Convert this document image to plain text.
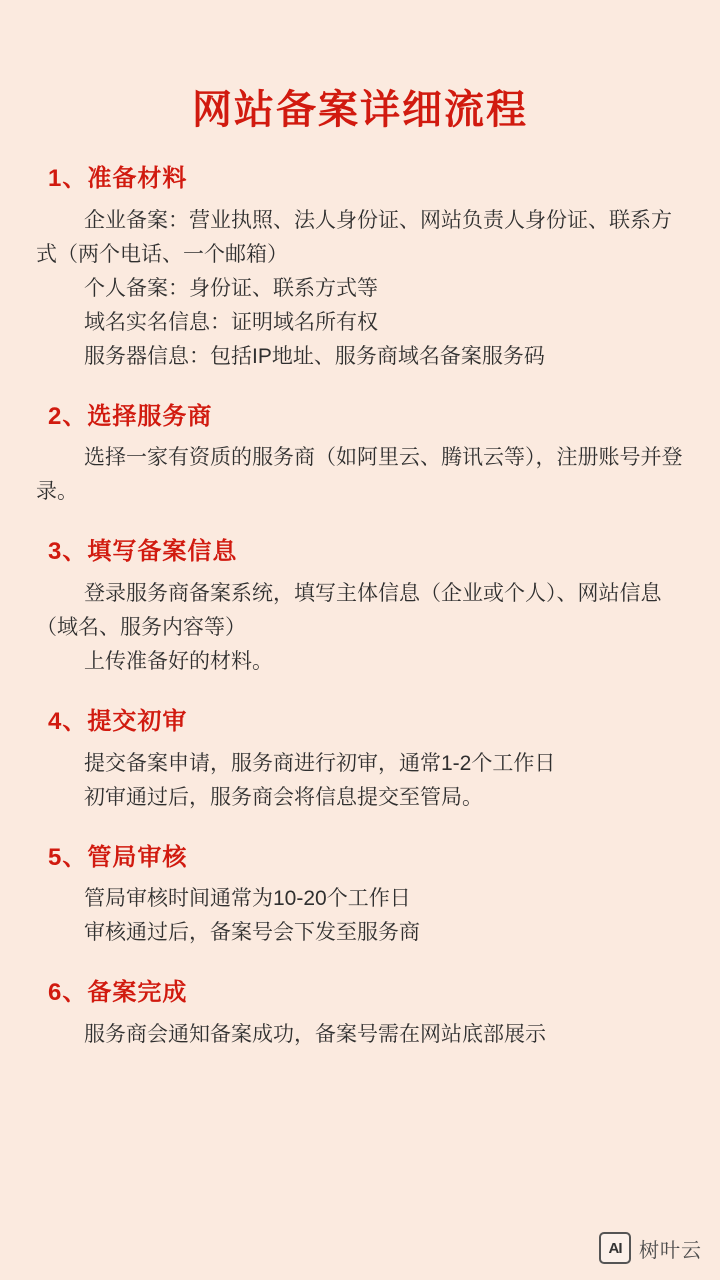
网站备案详细流程
1、准备材料

企业备案：营业执照、法人身份证、网站负责人身份证、联系方式（两个电话、一个邮箱）

个人备案：身份证、联系方式等

域名实名信息：证明域名所有权

服务器信息：包括IP地址、服务商域名备案服务码

2、选择服务商

选择一家有资质的服务商（如阿里云、腾讯云等），注册账号并登录。

3、填写备案信息

登录服务商备案系统，填写主体信息（企业或个人）、网站信息（域名、服务内容等）

上传准备好的材料。

4、提交初审

提交备案申请，服务商进行初审，通常1-2个工作日

初审通过后，服务商会将信息提交至管局。

5、管局审核

管局审核时间通常为10-20个工作日

审核通过后，备案号会下发至服务商

6、备案完成

服务商会通知备案成功，备案号需在网站底部展示

AI 树叶云
